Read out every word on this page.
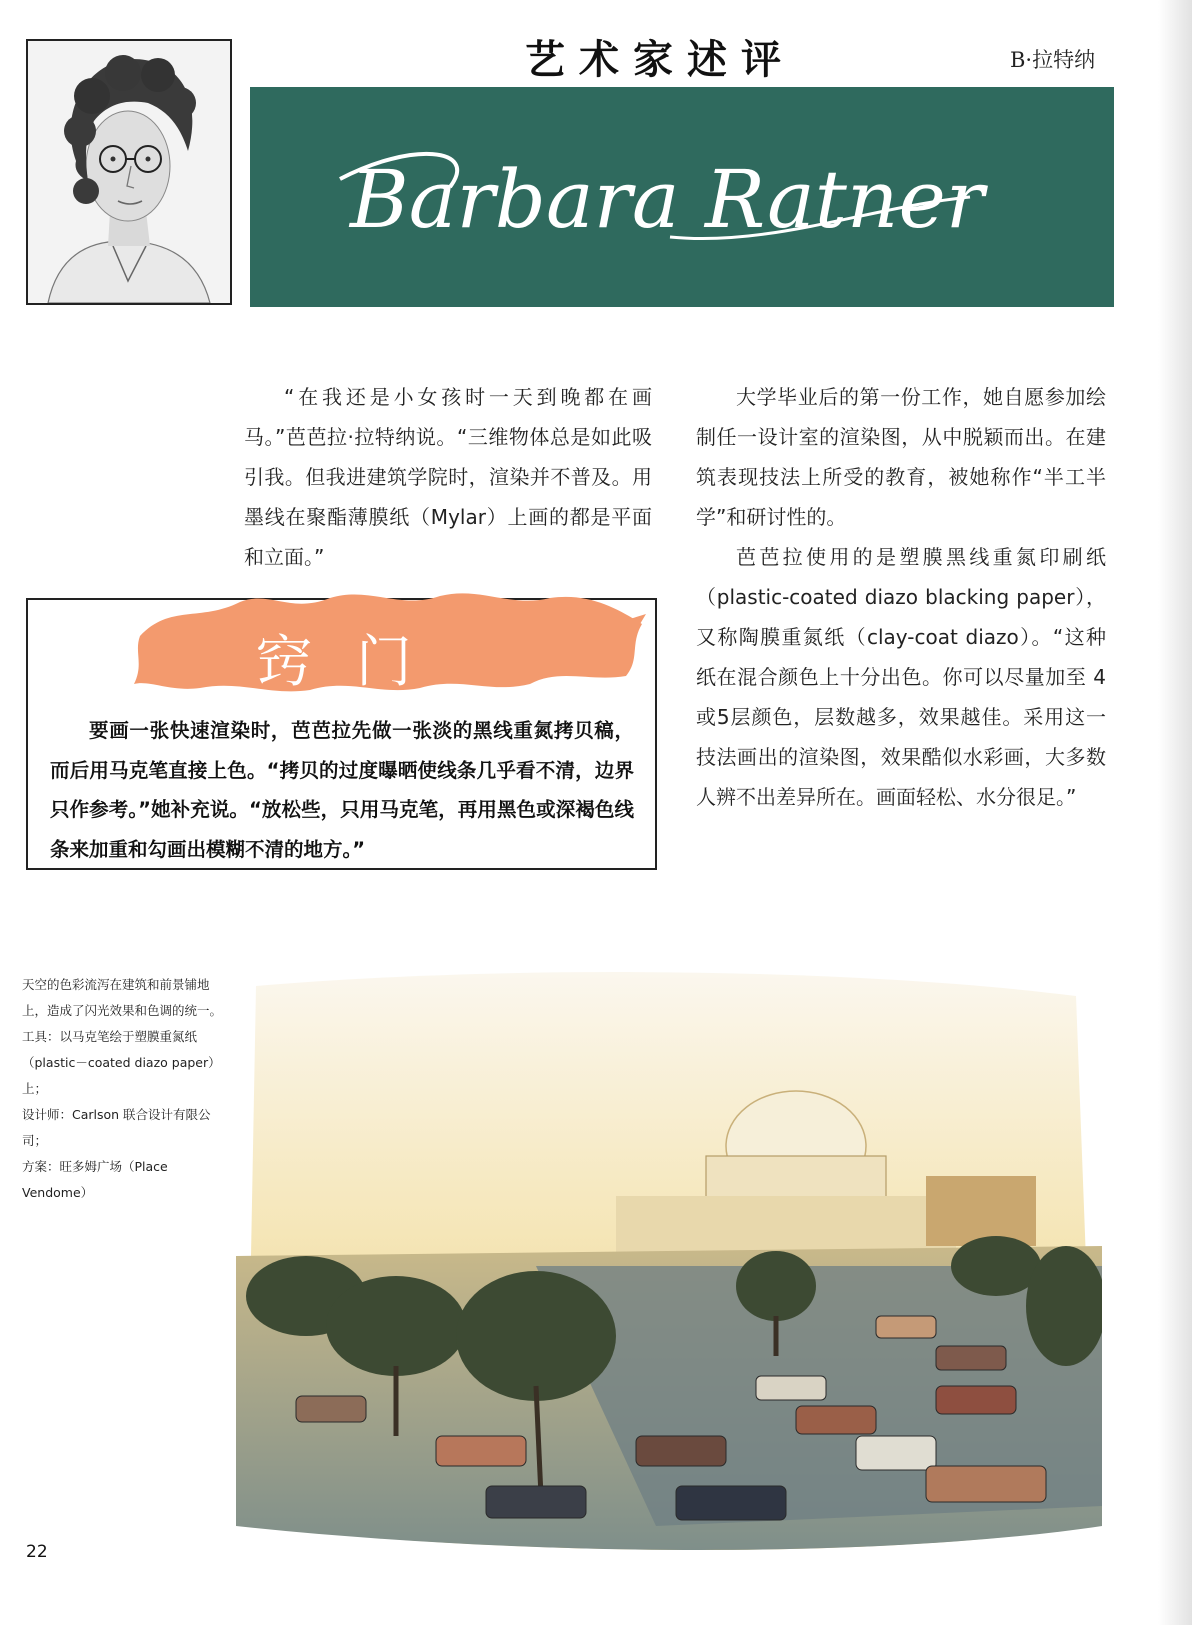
艺术家述评	B·拉特纳
Barbara Ratner

“在我还是小女孩时一天到晚都在画马。”芭芭拉·拉特纳说。“三维物体总是如此吸引我。但我进建筑学院时，渲染并不普及。用墨线在聚酯薄膜纸（Mylar）上画的都是平面和立面。”

大学毕业后的第一份工作，她自愿参加绘制任一设计室的渲染图，从中脱颖而出。在建筑表现技法上所受的教育，被她称作“半工半学”和研讨性的。

芭芭拉使用的是塑膜黑线重氮印刷纸（plastic-coated diazo blacking paper），又称陶膜重氮纸（clay-coat diazo）。“这种纸在混合颜色上十分出色。你可以尽量加至 4 或5层颜色，层数越多，效果越佳。采用这一技法画出的渲染图，效果酷似水彩画，大多数人辨不出差异所在。画面轻松、水分很足。”

窍门

要画一张快速渲染时，芭芭拉先做一张淡的黑线重氮拷贝稿，而后用马克笔直接上色。“拷贝的过度曝晒使线条几乎看不清，边界只作参考。”她补充说。“放松些，只用马克笔，再用黑色或深褐色线条来加重和勾画出模糊不清的地方。”

天空的色彩流泻在建筑和前景铺地上，造成了闪光效果和色调的统一。
工具：以马克笔绘于塑膜重氮纸（plastic－coated diazo paper）上；
设计师：Carlson 联合设计有限公司；
方案：旺多姆广场（Place Vendome）
22
